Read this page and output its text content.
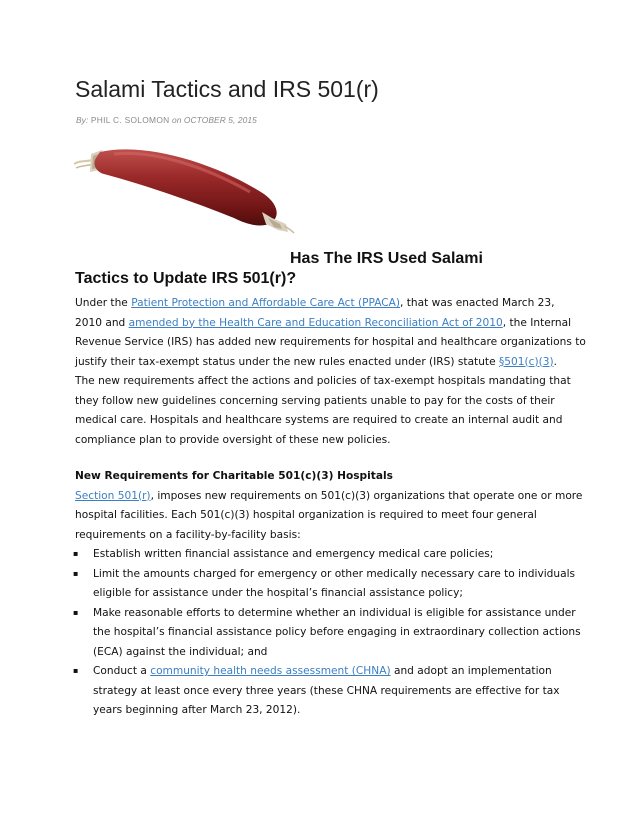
Salami Tactics and IRS 501(r)
By: PHIL C. SOLOMON on OCTOBER 5, 2015
Has The IRS Used Salami
Tactics to Update IRS 501(r)?
Under the Patient Protection and Affordable Care Act (PPACA), that was enacted March 23,
2010 and amended by the Health Care and Education Reconciliation Act of 2010, the Internal
Revenue Service (IRS) has added new requirements for hospital and healthcare organizations to
justify their tax-exempt status under the new rules enacted under (IRS) statute §501(c)(3).
The new requirements affect the actions and policies of tax-exempt hospitals mandating that
they follow new guidelines concerning serving patients unable to pay for the costs of their
medical care. Hospitals and healthcare systems are required to create an internal audit and
compliance plan to provide oversight of these new policies.
New Requirements for Charitable 501(c)(3) Hospitals
Section 501(r), imposes new requirements on 501(c)(3) organizations that operate one or more
hospital facilities. Each 501(c)(3) hospital organization is required to meet four general
requirements on a facility-by-facility basis:
▪ Establish written financial assistance and emergency medical care policies;
▪ Limit the amounts charged for emergency or other medically necessary care to individuals
eligible for assistance under the hospital’s financial assistance policy;
▪ Make reasonable efforts to determine whether an individual is eligible for assistance under
the hospital’s financial assistance policy before engaging in extraordinary collection actions
(ECA) against the individual; and
▪ Conduct a community health needs assessment (CHNA) and adopt an implementation
strategy at least once every three years (these CHNA requirements are effective for tax
years beginning after March 23, 2012).
